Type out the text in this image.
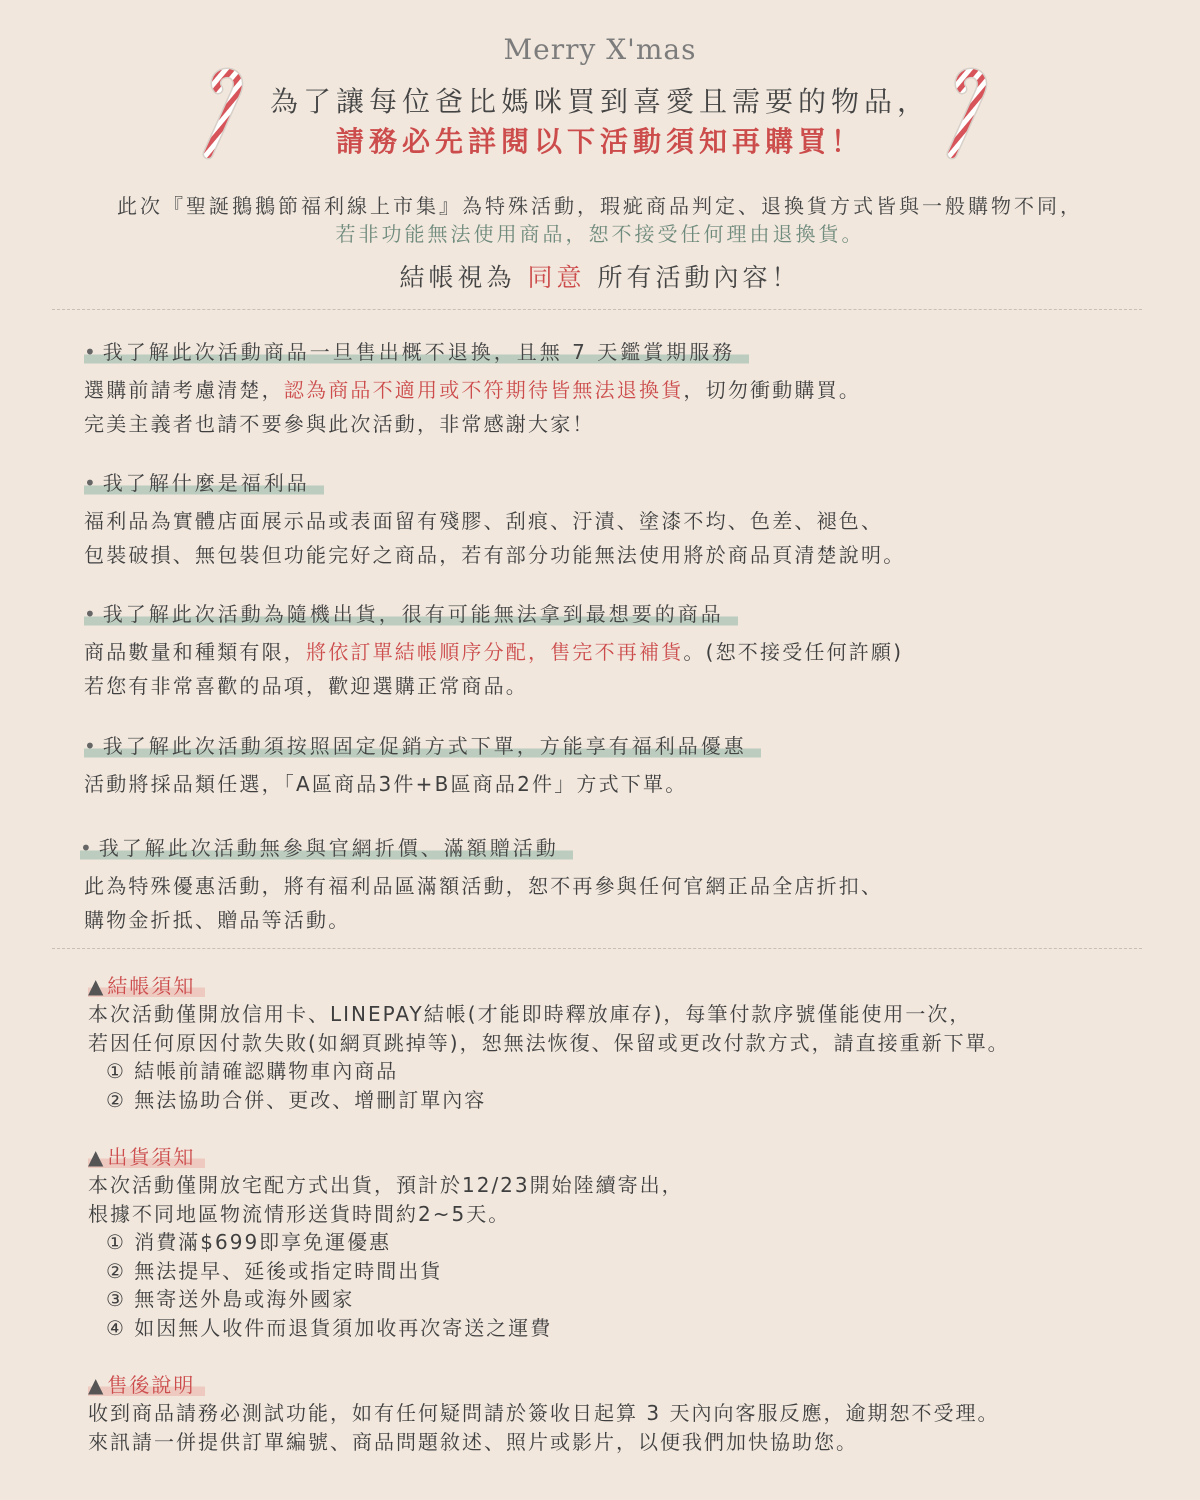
Merry X'mas
為了讓每位爸比媽咪買到喜愛且需要的物品，
請務必先詳閱以下活動須知再購買！
此次『聖誕鵝鵝節福利線上市集』為特殊活動，瑕疵商品判定、退換貨方式皆與一般購物不同，
若非功能無法使用商品，恕不接受任何理由退換貨。
結帳視為 同意 所有活動內容！
• 我了解此次活動商品一旦售出概不退換，且無 7 天鑑賞期服務
選購前請考慮清楚，認為商品不適用或不符期待皆無法退換貨，切勿衝動購買。
完美主義者也請不要參與此次活動，非常感謝大家！
• 我了解什麼是福利品
福利品為實體店面展示品或表面留有殘膠、刮痕、汙漬、塗漆不均、色差、褪色、
包裝破損、無包裝但功能完好之商品，若有部分功能無法使用將於商品頁清楚說明。
• 我了解此次活動為隨機出貨，很有可能無法拿到最想要的商品
商品數量和種類有限，將依訂單結帳順序分配，售完不再補貨。(恕不接受任何許願)
若您有非常喜歡的品項，歡迎選購正常商品。
• 我了解此次活動須按照固定促銷方式下單，方能享有福利品優惠
活動將採品類任選，「A區商品3件+B區商品2件」方式下單。
• 我了解此次活動無參與官網折價、滿額贈活動
此為特殊優惠活動，將有福利品區滿額活動，恕不再參與任何官網正品全店折扣、
購物金折抵、贈品等活動。
▲ 結帳須知
本次活動僅開放信用卡、LINEPAY結帳(才能即時釋放庫存)，每筆付款序號僅能使用一次，
若因任何原因付款失敗(如網頁跳掉等)，恕無法恢復、保留或更改付款方式，請直接重新下單。
① 結帳前請確認購物車內商品
② 無法協助合併、更改、增刪訂單內容
▲ 出貨須知
本次活動僅開放宅配方式出貨，預計於12/23開始陸續寄出，
根據不同地區物流情形送貨時間約2~5天。
① 消費滿$699即享免運優惠
② 無法提早、延後或指定時間出貨
③ 無寄送外島或海外國家
④ 如因無人收件而退貨須加收再次寄送之運費
▲ 售後說明
收到商品請務必測試功能，如有任何疑問請於簽收日起算 3 天內向客服反應，逾期恕不受理。
來訊請一併提供訂單編號、商品問題敘述、照片或影片，以便我們加快協助您。
